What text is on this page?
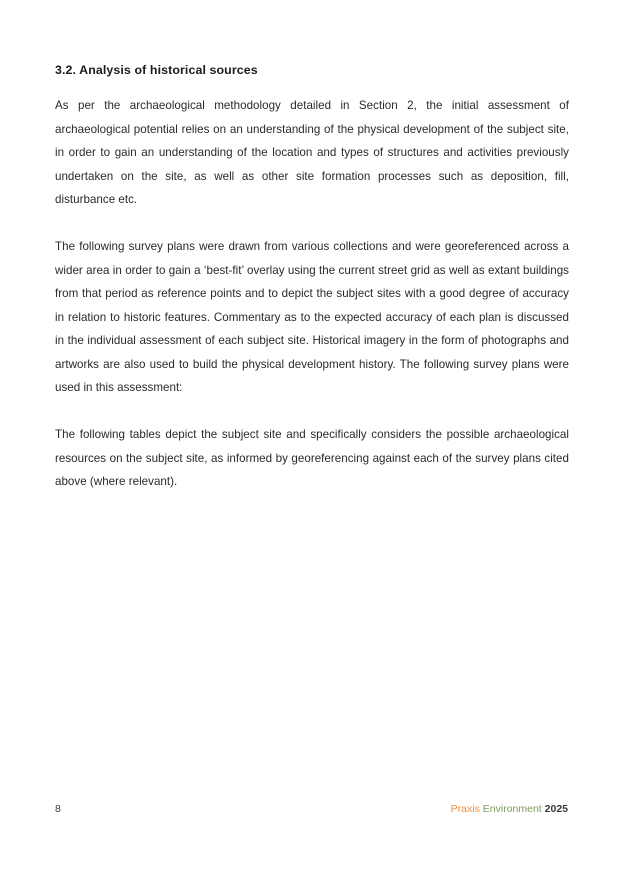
3.2. Analysis of historical sources

As per the archaeological methodology detailed in Section 2, the initial assessment of archaeological potential relies on an understanding of the physical development of the subject site, in order to gain an understanding of the location and types of structures and activities previously undertaken on the site, as well as other site formation processes such as deposition, fill, disturbance etc.

The following survey plans were drawn from various collections and were georeferenced across a wider area in order to gain a ‘best-fit’ overlay using the current street grid as well as extant buildings from that period as reference points and to depict the subject sites with a good degree of accuracy in relation to historic features. Commentary as to the expected accuracy of each plan is discussed in the individual assessment of each subject site. Historical imagery in the form of photographs and artworks are also used to build the physical development history. The following survey plans were used in this assessment:

The following tables depict the subject site and specifically considers the possible archaeological resources on the subject site, as informed by georeferencing against each of the survey plans cited above (where relevant).

8	Praxis Environment 2025
